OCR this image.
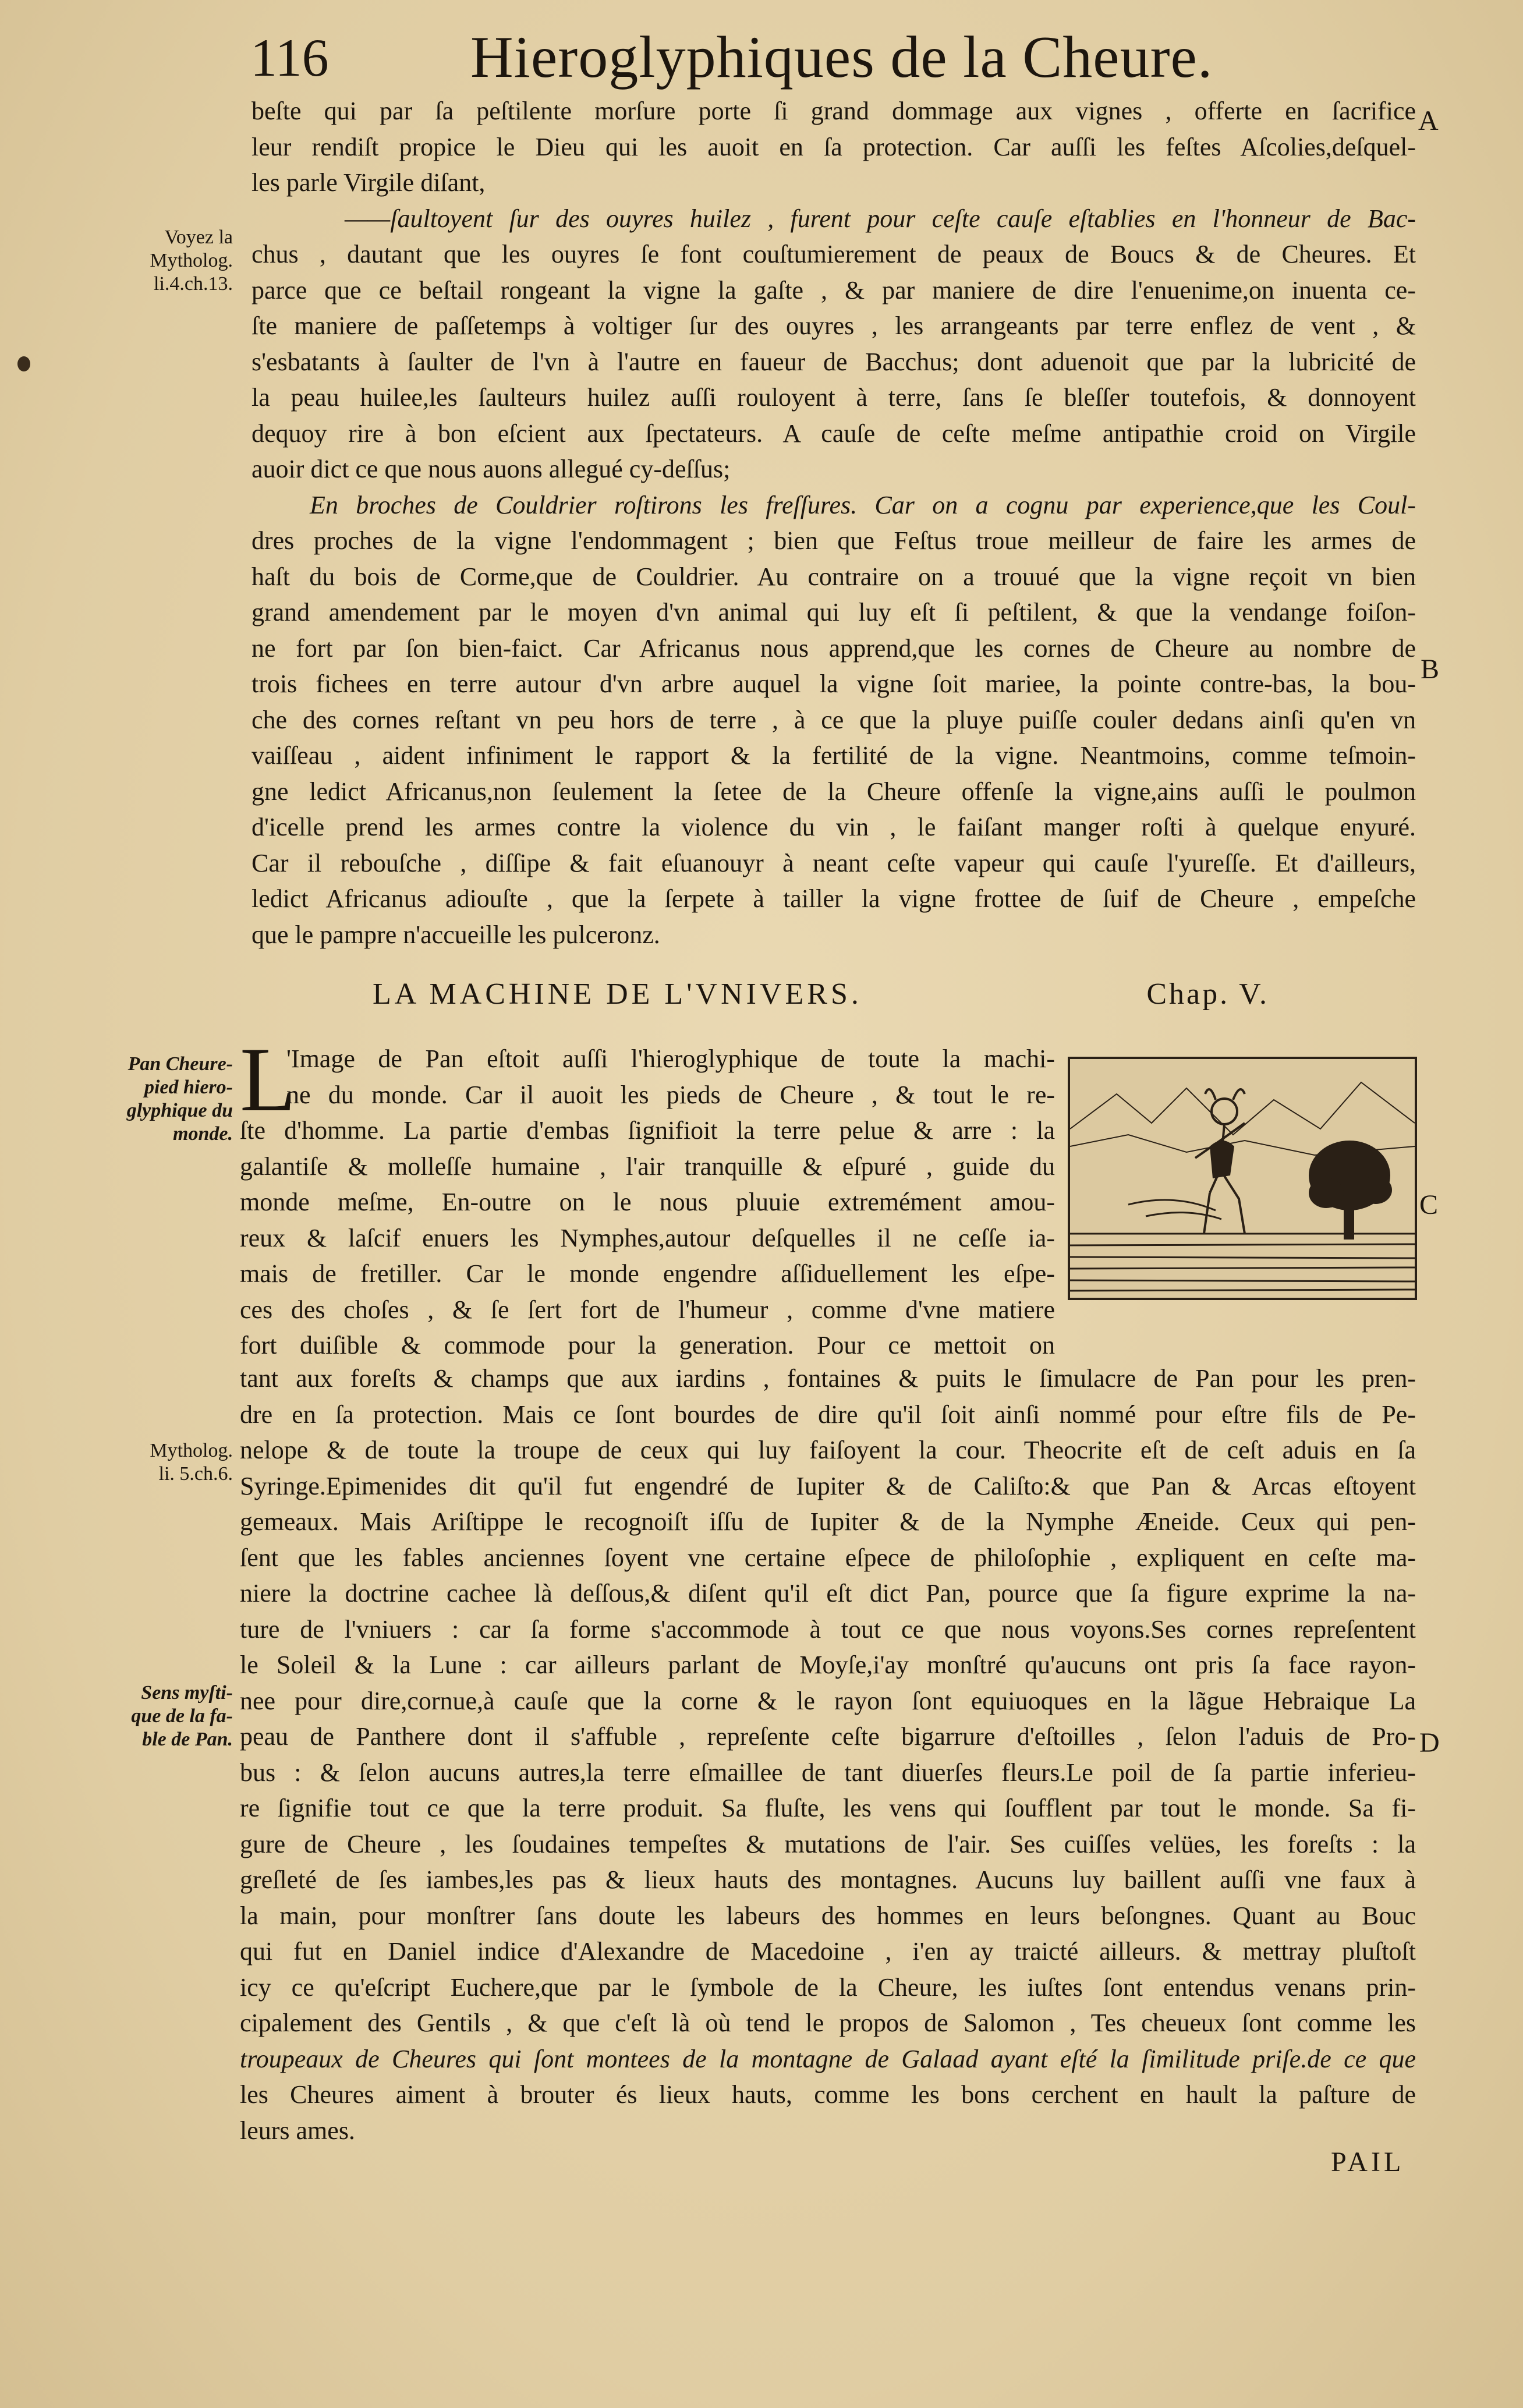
116 Hieroglyphiques de la Cheure.
beſte qui par ſa peſtilente morſure porte ſi grand dommage aux vignes , offerte en ſacrifice
leur rendiſt propice le Dieu qui les auoit en ſa protection. Car auſſi les feſtes Aſcolies,deſquel-
les parle Virgile diſant,
——ſaultoyent ſur des ouyres huilez , furent pour ceſte cauſe eſtablies en l'honneur de Bac-
chus , dautant que les ouyres ſe font couſtumierement de peaux de Boucs & de Cheures. Et
parce que ce beſtail rongeant la vigne la gaſte , & par maniere de dire l'enuenime,on inuenta ce-
ſte maniere de paſſetemps à voltiger ſur des ouyres , les arrangeants par terre enflez de vent , &
s'esbatants à ſaulter de l'vn à l'autre en faueur de Bacchus; dont aduenoit que par la lubricité de
la peau huilee,les ſaulteurs huilez auſſi rouloyent à terre, ſans ſe bleſſer toutefois, & donnoyent
dequoy rire à bon eſcient aux ſpectateurs. A cauſe de ceſte meſme antipathie croid on Virgile
auoir dict ce que nous auons allegué cy-deſſus;
En broches de Couldrier roſtirons les freſſures. Car on a cognu par experience,que les Coul-
dres proches de la vigne l'endommagent ; bien que Feſtus troue meilleur de faire les armes de
haſt du bois de Corme,que de Couldrier. Au contraire on a trouué que la vigne reçoit vn bien
grand amendement par le moyen d'vn animal qui luy eſt ſi peſtilent, & que la vendange foiſon-
ne fort par ſon bien-faict. Car Africanus nous apprend,que les cornes de Cheure au nombre de
trois fichees en terre autour d'vn arbre auquel la vigne ſoit mariee, la pointe contre-bas, la bou-
che des cornes reſtant vn peu hors de terre , à ce que la pluye puiſſe couler dedans ainſi qu'en vn
vaiſſeau , aident infiniment le rapport & la fertilité de la vigne. Neantmoins, comme teſmoin-
gne ledict Africanus,non ſeulement la ſetee de la Cheure offenſe la vigne,ains auſſi le poulmon
d'icelle prend les armes contre la violence du vin , le faiſant manger roſti à quelque enyuré.
Car il rebouſche , diſſipe & fait eſuanouyr à neant ceſte vapeur qui cauſe l'yureſſe. Et d'ailleurs,
ledict Africanus adiouſte , que la ſerpete à tailler la vigne frottee de ſuif de Cheure , empeſche
que le pampre n'accueille les pulceronz.
LA MACHINE DE L'VNIVERS.	Chap. V.
L
'Image de Pan eſtoit auſſi l'hieroglyphique de toute la machi-
ne du monde. Car il auoit les pieds de Cheure , & tout le re-
ſte d'homme. La partie d'embas ſignifioit la terre pelue & arre : la
galantiſe & molleſſe humaine , l'air tranquille & eſpuré , guide du
monde meſme, En-outre on le nous pluuie extremément amou-
reux & laſcif enuers les Nymphes,autour deſquelles il ne ceſſe ia-
mais de fretiller. Car le monde engendre aſſiduellement les eſpe-
ces des choſes , & ſe ſert fort de l'humeur , comme d'vne matiere
fort duiſible & commode pour la generation. Pour ce mettoit on
tant aux foreſts & champs que aux iardins , fontaines & puits le ſimulacre de Pan pour les pren-
dre en ſa protection. Mais ce ſont bourdes de dire qu'il ſoit ainſi nommé pour eſtre fils de Pe-
nelope & de toute la troupe de ceux qui luy faiſoyent la cour. Theocrite eſt de ceſt aduis en ſa
Syringe.Epimenides dit qu'il fut engendré de Iupiter & de Caliſto:& que Pan & Arcas eſtoyent
gemeaux. Mais Ariſtippe le recognoiſt iſſu de Iupiter & de la Nymphe Æneide. Ceux qui pen-
ſent que les fables anciennes ſoyent vne certaine eſpece de philoſophie , expliquent en ceſte ma-
niere la doctrine cachee là deſſous,& diſent qu'il eſt dict Pan, pource que ſa figure exprime la na-
ture de l'vniuers : car ſa forme s'accommode à tout ce que nous voyons.Ses cornes repreſentent
le Soleil & la Lune : car ailleurs parlant de Moyſe,i'ay monſtré qu'aucuns ont pris ſa face rayon-
nee pour dire,cornue,à cauſe que la corne & le rayon ſont equiuoques en la lãgue Hebraique La
peau de Panthere dont il s'affuble , repreſente ceſte bigarrure d'eſtoilles , ſelon l'aduis de Pro-
bus : & ſelon aucuns autres,la terre eſmaillee de tant diuerſes fleurs.Le poil de ſa partie inferieu-
re ſignifie tout ce que la terre produit. Sa fluſte, les vens qui ſoufflent par tout le monde. Sa fi-
gure de Cheure , les ſoudaines tempeſtes & mutations de l'air. Ses cuiſſes velües, les foreſts : la
greſleté de ſes iambes,les pas & lieux hauts des montagnes. Aucuns luy baillent auſſi vne faux à
la main, pour monſtrer ſans doute les labeurs des hommes en leurs beſongnes. Quant au Bouc
qui fut en Daniel indice d'Alexandre de Macedoine , i'en ay traicté ailleurs. & mettray pluſtoſt
icy ce qu'eſcript Euchere,que par le ſymbole de la Cheure, les iuſtes ſont entendus venans prin-
cipalement des Gentils , & que c'eſt là où tend le propos de Salomon , Tes cheueux ſont comme les
troupeaux de Cheures qui ſont montees de la montagne de Galaad ayant eſté la ſimilitude priſe.de ce que
les Cheures aiment à brouter és lieux hauts, comme les bons cerchent en hault la paſture de
leurs ames.
Voyez la
Mytholog.
li.4.ch.13.
Pan Cheure-
pied hiero-
glyphique du
monde.
Mytholog.
li. 5.ch.6.
Sens myſti-
que de la fa-
ble de Pan.
A
B
C
D
PAIL
